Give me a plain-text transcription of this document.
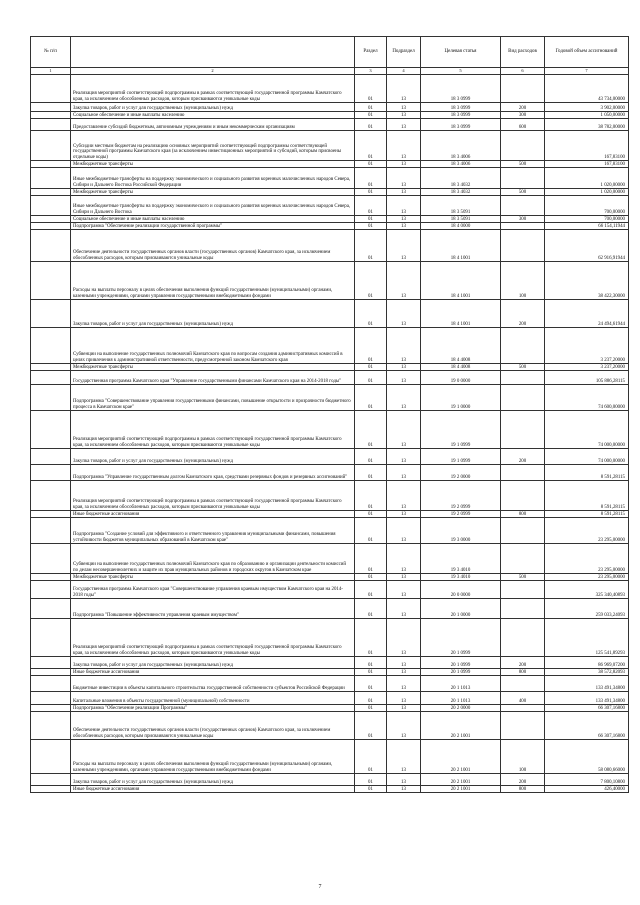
№ п/п		Раздел	Подраздел	Целевая статья	Вид расходов	Годовой объем ассигнований
1	2	3	4	5	6	7
	Реализация мероприятий соответствующей подпрограммы в рамках соответствующей государственной программы Камчатского края, за исключением обособленных расходов, которым присваиваются уникальные коды	01	13	18 3 0999		43 734,00000
	Закупка товаров, работ и услуг для государственных (муниципальных) нужд	01	13	18 3 0999	200	3 902,00000
	Социальное обеспечение и иные выплаты населению	01	13	18 3 0999	300	1 050,00000
	Предоставление субсидий бюджетным, автономным учреждениям и иным некоммерческим организациям	01	13	18 3 0999	600	38 782,00000
	Субсидии местным бюджетам на реализацию основных мероприятий соответствующей подпрограммы соответствующей государственной программы Камчатского края (за исключением инвестиционных мероприятий и субсидий, которым присвоены отдельные коды)	01	13	18 3 4006		167,83100
	Межбюджетные трансферты	01	13	18 3 4006	500	167,83100
	Иные межбюджетные трансферты на поддержку экономического и социального развития коренных малочисленных народов Севера, Сибири и Дальнего Востока Российской Федерации	01	13	18 3 4032		1 020,00000
	Межбюджетные трансферты	01	13	18 3 4032	500	1 020,00000
	Иные межбюджетные трансферты на поддержку экономического и социального развития коренных малочисленных народов Севера, Сибири и Дальнего Востока	01	13	18 3 5091		700,00000
	Социальное обеспечение и иные выплаты населению	01	13	18 3 5091	300	700,00000
	Подпрограмма "Обеспечение реализации государственной программы"	01	13	18 4 0000		66 154,11944
	Обеспечение деятельности государственных органов власти (государственных органов) Камчатского края, за исключением обособленных расходов, которым присваиваются уникальные коды	01	13	18 4 1001		62 916,91944
	Расходы на выплаты персоналу в целях обеспечения выполнения функций государственными (муниципальными) органами, казенными учреждениями, органами управления государственными внебюджетными фондами	01	13	18 4 1001	100	38 422,30000
	Закупка товаров, работ и услуг для государственных (муниципальных) нужд	01	13	18 4 1001	200	24 494,61944
	Субвенции на выполнение государственных полномочий Камчатского края по вопросам создания административных комиссий в целях привлечения к административной ответственности, предусмотренной законом Камчатского края	01	13	18 4 4008		3 237,20000
	Межбюджетные трансферты	01	13	18 4 4008	500	3 237,20000
	Государственная программа Камчатского края "Управление государственными финансами Камчатского края на 2014-2018 годы"	01	13	19 0 0000		105 886,28115
	Подпрограмма "Совершенствование управления государственными финансами, повышение открытости и прозрачности бюджетного процесса в Камчатском крае"	01	13	19 1 0000		74 600,00000
	Реализация мероприятий соответствующей подпрограммы в рамках соответствующей государственной программы Камчатского края, за исключением обособленных расходов, которым присваиваются уникальные коды	01	13	19 1 0999		74 000,00000
	Закупка товаров, работ и услуг для государственных (муниципальных) нужд	01	13	19 1 0999	200	74 000,00000
	Подпрограмма "Управление государственным долгом Камчатского края, средствами резервных фондов и резервных ассигнований"	01	13	19 2 0000		8 591,28115
	Реализация мероприятий соответствующей подпрограммы в рамках соответствующей государственной программы Камчатского края, за исключением обособленных расходов, которым присваиваются уникальные коды	01	13	19 2 0999		8 591,28115
	Иные бюджетные ассигнования	01	13	19 2 0999	800	8 591,28115
	Подпрограмма "Создание условий для эффективного и ответственного управления муниципальными финансами, повышения устойчивости бюджетов муниципальных образований в Камчатском крае"	01	13	19 3 0000		23 295,00000
	Субвенции на выполнение государственных полномочий Камчатского края по образованию и организации деятельности комиссий по делам несовершеннолетних и защите их прав муниципальных районов и городских округов в Камчатском крае	01	13	19 3 4010		23 295,00000
	Межбюджетные трансферты	01	13	19 3 4010	500	23 295,00000
	Государственная программа Камчатского края "Совершенствование управления краевым имуществом Камчатского края на 2014-2018 годы"	01	13	20 0 0000		325 340,40893
	Подпрограмма "Повышение эффективности управления краевым имуществом"	01	13	20 1 0000		259 033,24093
	Реализация мероприятий соответствующей подпрограммы в рамках соответствующей государственной программы Камчатского края, за исключением обособленных расходов, которым присваиваются уникальные коды	01	13	20 1 0999		125 541,89293
	Закупка товаров, работ и услуг для государственных (муниципальных) нужд	01	13	20 1 0999	200	86 969,07200
	Иные бюджетные ассигнования	01	13	20 1 0999	800	38 572,82093
	Бюджетные инвестиции в объекты капитального строительства государственной собственности субъектов Российской Федерации	01	13	20 1 1013		133 491,34800
	Капитальные вложения в объекты государственной (муниципальной) собственности	01	13	20 1 1013	400	133 491,34800
	Подпрограмма "Обеспечение реализации Программы"	01	13	20 2 0000		66 307,16800
	Обеспечение деятельности государственных органов власти (государственных органов) Камчатского края, за исключением обособленных расходов, которым присваиваются уникальные коды	01	13	20 2 1001		66 307,16800
	Расходы на выплаты персоналу в целях обеспечения выполнения функций государственными (муниципальными) органами, казенными учреждениями, органами управления государственными внебюджетными фондами	01	13	20 2 1001	100	58 080,66000
	Закупка товаров, работ и услуг для государственных (муниципальных) нужд	01	13	20 2 1001	200	7 800,10800
	Иные бюджетные ассигнования	01	13	20 2 1001	800	426,40000
7
